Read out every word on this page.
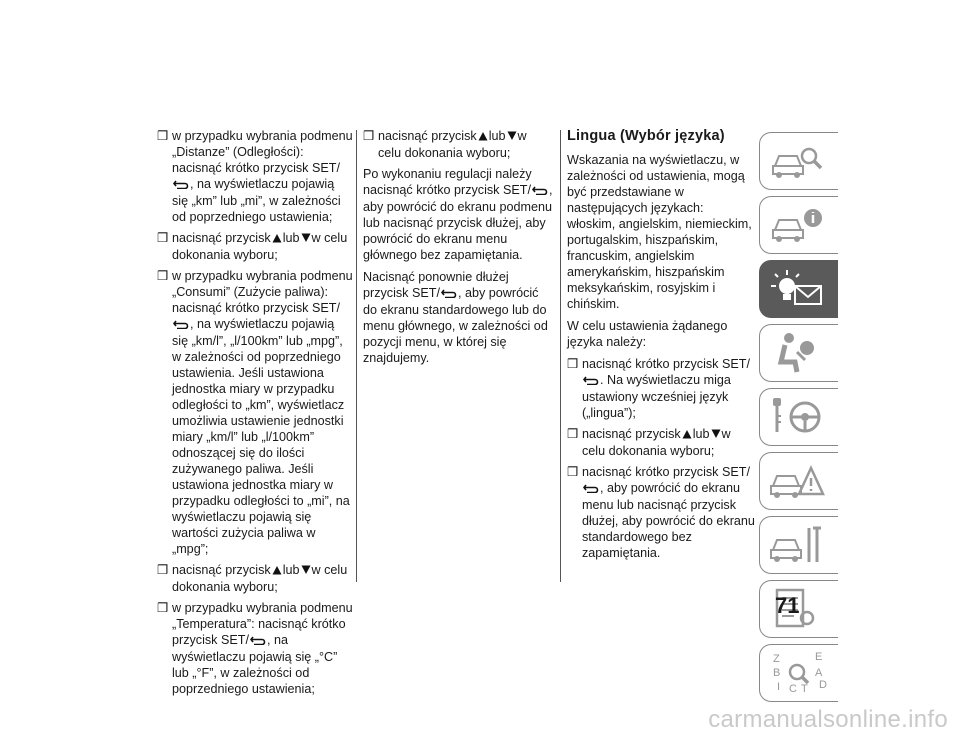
❒ w przypadku wybrania podmenu „Distanze” (Odległości): nacisnąć krótko przycisk SET/, na wyświetlaczu pojawią się „km” lub „mi”, w zależności od poprzedniego ustawienia;
❒ nacisnąć przycisk lub w celu dokonania wyboru;
❒ w przypadku wybrania podmenu „Consumi” (Zużycie paliwa): nacisnąć krótko przycisk SET/, na wyświetlaczu pojawią się „km/l”, „l/100km” lub „mpg”, w zależności od poprzedniego ustawienia. Jeśli ustawiona jednostka miary w przypadku odległości to „km”, wyświetlacz umożliwia ustawienie jednostki miary „km/l” lub „l/100km” odnoszącej się do ilości zużywanego paliwa. Jeśli ustawiona jednostka miary w przypadku odległości to „mi”, na wyświetlaczu pojawią się wartości zużycia paliwa w „mpg”;
❒ nacisnąć przycisk lub w celu dokonania wyboru;
❒ w przypadku wybrania podmenu „Temperatura”: nacisnąć krótko przycisk SET/ , na wyświetlaczu pojawią się „°C” lub „°F”, w zależności od poprzedniego ustawienia;
❒ nacisnąć przycisk lub w celu dokonania wyboru;

Po wykonaniu regulacji należy nacisnąć krótko przycisk SET/ , aby powrócić do ekranu podmenu lub nacisnąć przycisk dłużej, aby powrócić do ekranu menu głównego bez zapamiętania.

Nacisnąć ponownie dłużej przycisk SET/ , aby powrócić do ekranu standardowego lub do menu głównego, w zależności od pozycji menu, w której się znajdujemy.

Lingua (Wybór języka)

Wskazania na wyświetlaczu, w zależności od ustawienia, mogą być przedstawiane w następujących językach: włoskim, angielskim, niemieckim, portugalskim, hiszpańskim, francuskim, angielskim amerykańskim, hiszpańskim meksykańskim, rosyjskim i chińskim.

W celu ustawienia żądanego języka należy:

❒ nacisnąć krótko przycisk SET/. Na wyświetlaczu miga ustawiony wcześniej język („lingua”);
❒ nacisnąć przycisk lub w celu dokonania wyboru;
❒ nacisnąć krótko przycisk SET/, aby powrócić do ekranu menu lub nacisnąć przycisk dłużej, aby powrócić do ekranu standardowego bez zapamiętania.
Z	E
B	A
I C T D
71
carmanualsonline.info
